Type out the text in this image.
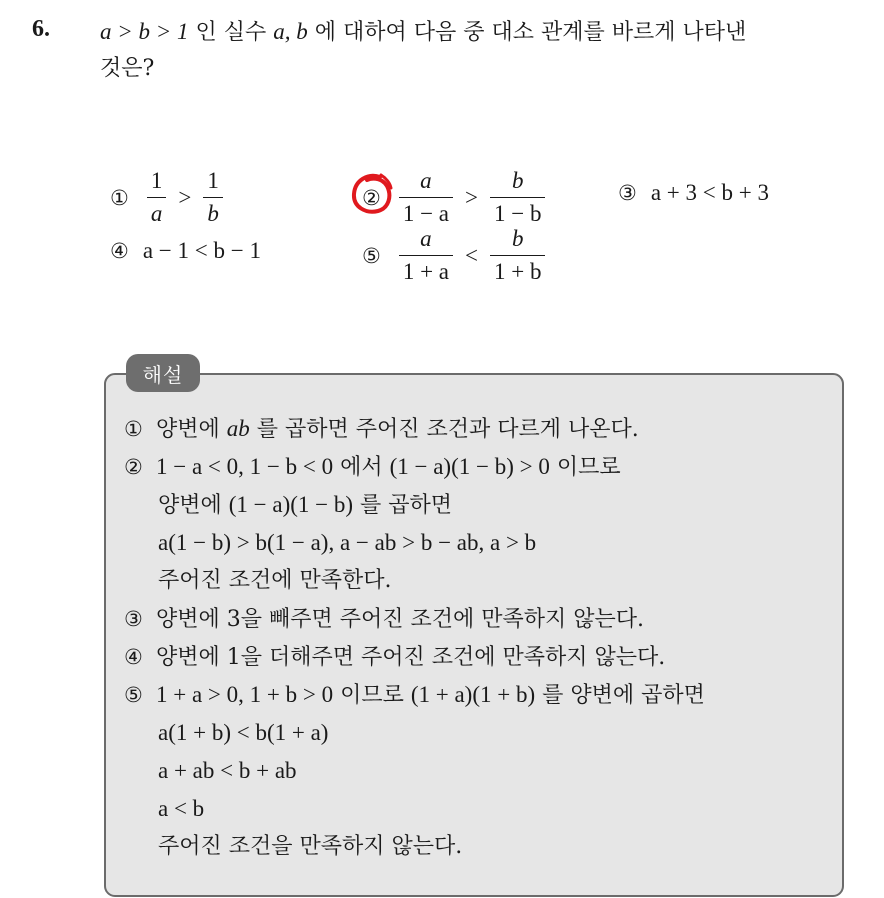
6. a > b > 1 인 실수 a, b 에 대하여 다음 중 대소 관계를 바르게 나타낸
것은?
① $\frac{1}{a} > \frac{1}{b}$	② $\frac{a}{1 - a} > \frac{b}{1 - b}$	③ a + 3 < b + 3
④ a − 1 < b − 1	⑤ $\frac{a}{1 + a} < \frac{b}{1 + b}$
해설
① 양변에 ab 를 곱하면 주어진 조건과 다르게 나온다.
② 1 − a < 0, 1 − b < 0 에서 (1 − a)(1 − b) > 0 이므로
양변에 (1 − a)(1 − b) 를 곱하면
a(1 − b) > b(1 − a), a − ab > b − ab, a > b
주어진 조건에 만족한다.
③ 양변에 3을 빼주면 주어진 조건에 만족하지 않는다.
④ 양변에 1을 더해주면 주어진 조건에 만족하지 않는다.
⑤ 1 + a > 0, 1 + b > 0 이므로 (1 + a)(1 + b) 를 양변에 곱하면
a(1 + b) < b(1 + a)
a + ab < b + ab
a < b
주어진 조건을 만족하지 않는다.
